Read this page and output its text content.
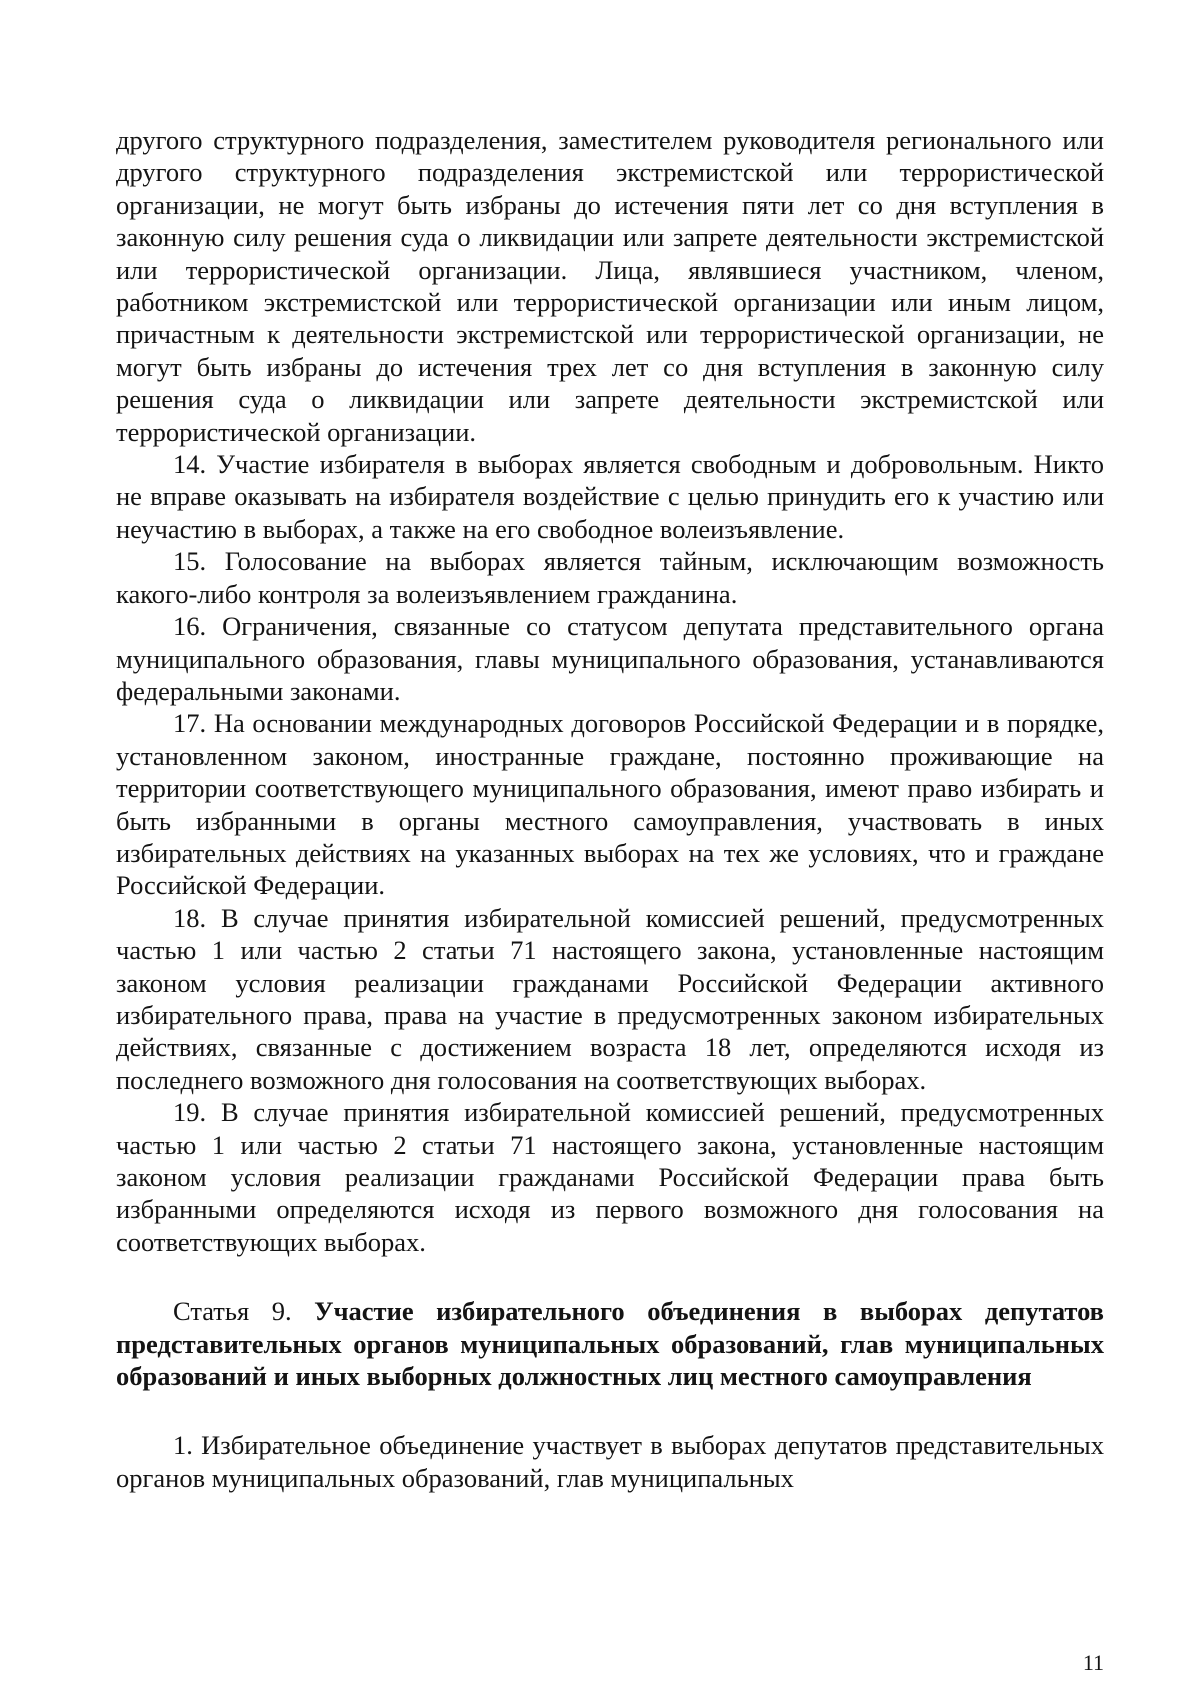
другого структурного подразделения, заместителем руководителя регионального или другого структурного подразделения экстремистской или террористической организации, не могут быть избраны до истечения пяти лет со дня вступления в законную силу решения суда о ликвидации или запрете деятельности экстремистской или террористической организации. Лица, являвшиеся участником, членом, работником экстремистской или террористической организации или иным лицом, причастным к деятельности экстремистской или террористической организации, не могут быть избраны до истечения трех лет со дня вступления в законную силу решения суда о ликвидации или запрете деятельности экстремистской или террористической организации.

14. Участие избирателя в выборах является свободным и добровольным. Никто не вправе оказывать на избирателя воздействие с целью принудить его к участию или неучастию в выборах, а также на его свободное волеизъявление.

15. Голосование на выборах является тайным, исключающим возможность какого-либо контроля за волеизъявлением гражданина.

16. Ограничения, связанные со статусом депутата представительного органа муниципального образования, главы муниципального образования, устанавливаются федеральными законами.

17. На основании международных договоров Российской Федерации и в порядке, установленном законом, иностранные граждане, постоянно проживающие на территории соответствующего муниципального образования, имеют право избирать и быть избранными в органы местного самоуправления, участвовать в иных избирательных действиях на указанных выборах на тех же условиях, что и граждане Российской Федерации.

18. В случае принятия избирательной комиссией решений, предусмотренных частью 1 или частью 2 статьи 71 настоящего закона, установленные настоящим законом условия реализации гражданами Российской Федерации активного избирательного права, права на участие в предусмотренных законом избирательных действиях, связанные с достижением возраста 18 лет, определяются исходя из последнего возможного дня голосования на соответствующих выборах.

19. В случае принятия избирательной комиссией решений, предусмотренных частью 1 или частью 2 статьи 71 настоящего закона, установленные настоящим законом условия реализации гражданами Российской Федерации права быть избранными определяются исходя из первого возможного дня голосования на соответствующих выборах.

Статья 9. Участие избирательного объединения в выборах депутатов представительных органов муниципальных образований, глав муниципальных образований и иных выборных должностных лиц местного самоуправления

1. Избирательное объединение участвует в выборах депутатов представительных органов муниципальных образований, глав муниципальных

11
